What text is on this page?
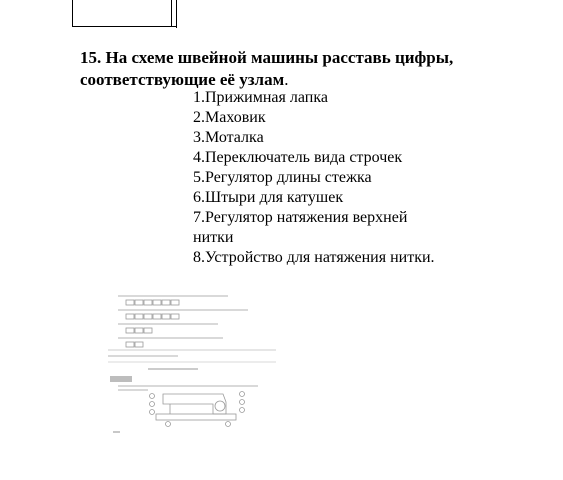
15. На схеме швейной машины расставь цифры, соответствующие её узлам.

1.Прижимная лапка
2.Маховик
3.Моталка
4.Переключатель вида строчек
5.Регулятор длины стежка
6.Штыри для катушек
7.Регулятор натяжения верхней нитки
8.Устройство для натяжения нитки.
